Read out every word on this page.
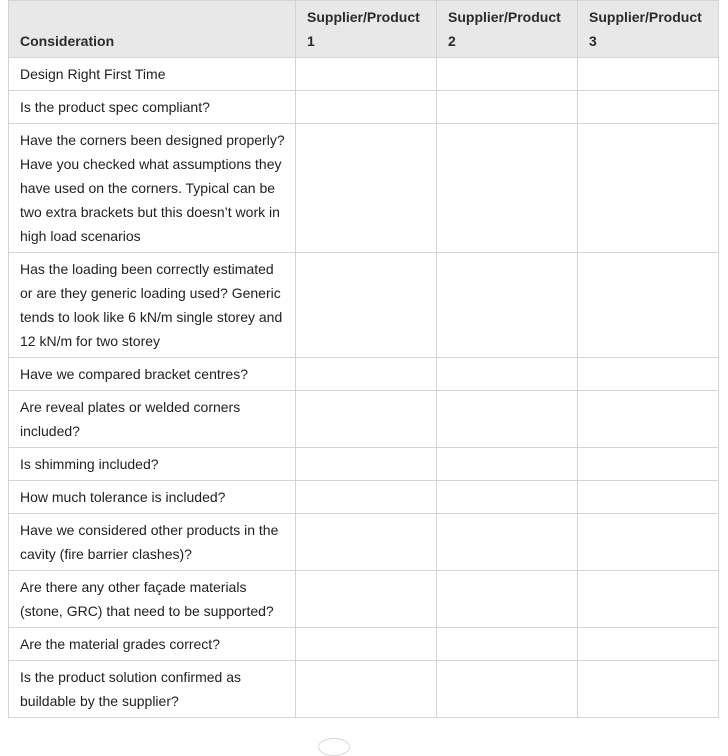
Consideration	Supplier/Product 1	Supplier/Product 2	Supplier/Product 3
Design Right First Time			
Is the product spec compliant?			
Have the corners been designed properly? Have you checked what assumptions they have used on the corners. Typical can be two extra brackets but this doesn’t work in high load scenarios			
Has the loading been correctly estimated or are they generic loading used? Generic tends to look like 6 kN/m single storey and 12 kN/m for two storey			
Have we compared bracket centres?			
Are reveal plates or welded corners included?			
Is shimming included?			
How much tolerance is included?			
Have we considered other products in the cavity (fire barrier clashes)?			
Are there any other façade materials (stone, GRC) that need to be supported?			
Are the material grades correct?			
Is the product solution confirmed as buildable by the supplier?			
